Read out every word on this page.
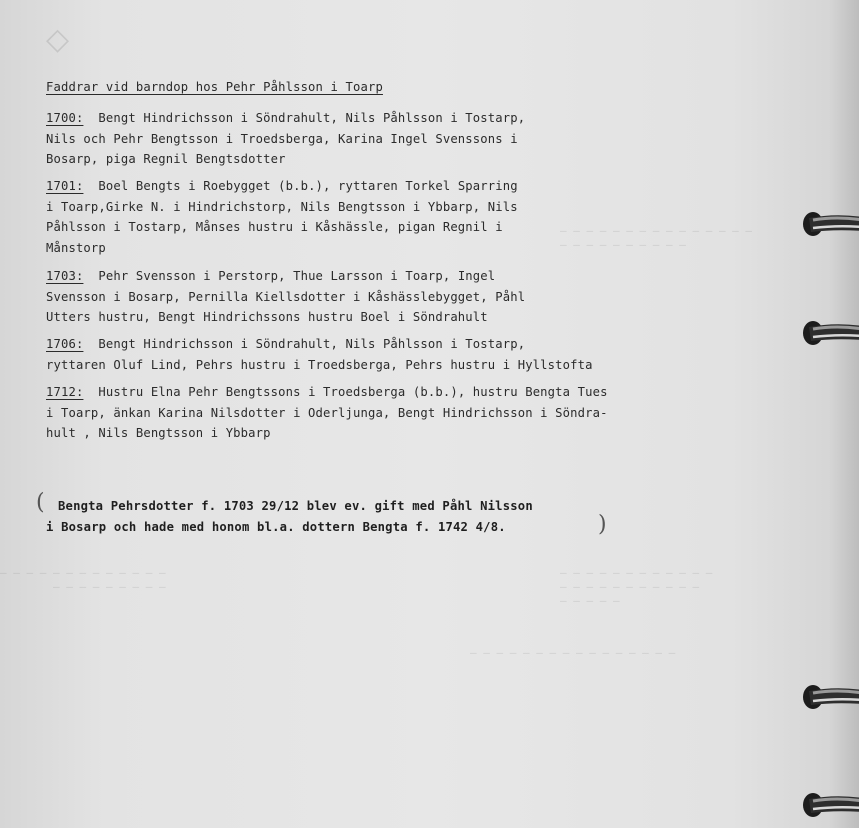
◇
‒ ‒ ‒ ‒ ‒ ‒ ‒ ‒ ‒ ‒ ‒ ‒ ‒
‒ ‒ ‒ ‒ ‒ ‒ ‒ ‒ ‒
‒ ‒ ‒ ‒ ‒ ‒ ‒ ‒ ‒ ‒ ‒ ‒
‒ ‒ ‒ ‒ ‒ ‒ ‒ ‒ ‒ ‒ ‒
‒ ‒ ‒ ‒ ‒
‒ ‒ ‒ ‒ ‒ ‒ ‒ ‒ ‒ ‒ ‒ ‒ ‒ ‒ ‒
‒ ‒ ‒ ‒ ‒ ‒ ‒ ‒ ‒ ‒
‒ ‒ ‒ ‒ ‒ ‒ ‒ ‒ ‒ ‒ ‒ ‒ ‒ ‒ ‒ ‒
Faddrar vid barndop hos Pehr Påhlsson i Toarp
1700: Bengt Hindrichsson i Söndrahult, Nils Påhlsson i Tostarp,
Nils och Pehr Bengtsson i Troedsberga, Karina Ingel Svenssons i
Bosarp, piga Regnil Bengtsdotter
1701: Boel Bengts i Roebygget (b.b.), ryttaren Torkel Sparring
i Toarp,Girke N. i Hindrichstorp, Nils Bengtsson i Ybbarp, Nils
Påhlsson i Tostarp, Månses hustru i Kåshässle, pigan Regnil i
Månstorp
1703: Pehr Svensson i Perstorp, Thue Larsson i Toarp, Ingel
Svensson i Bosarp, Pernilla Kiellsdotter i Kåshässlebygget, Påhl
Utters hustru, Bengt Hindrichssons hustru Boel i Söndrahult
1706: Bengt Hindrichsson i Söndrahult, Nils Påhlsson i Tostarp,
ryttaren Oluf Lind, Pehrs hustru i Troedsberga, Pehrs hustru i Hyllstofta
1712: Hustru Elna Pehr Bengtssons i Troedsberga (b.b.), hustru Bengta Tues
i Toarp, änkan Karina Nilsdotter i Oderljunga, Bengt Hindrichsson i Söndra-
hult , Nils Bengtsson i Ybbarp
(	Bengta Pehrsdotter f. 1703 29/12 blev ev. gift med Påhl Nilsson
i Bosarp och hade med honom bl.a. dottern Bengta f. 1742 4/8.	)
